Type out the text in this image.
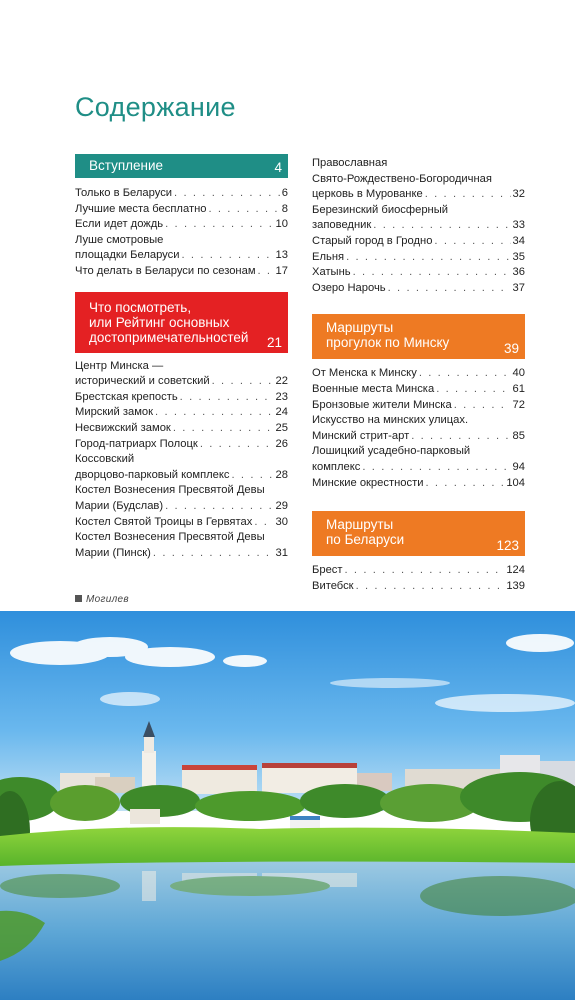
Содержание
Вступление	4
Только в Беларуси . . .	6
Лучшие места бесплатно . . .	8
Если идет дождь . . .	10
Луше смотровые
площадки Беларуси . . .	13
Что делать в Беларуси по сезонам . . . 17
Что посмотреть,
или Рейтинг основных
достопримечательностей	21
Центр Минска —
исторический и советский . . .	22
Брестская крепость . . .	23
Мирский замок . . .	24
Несвижский замок . . .	25
Город-патриарх Полоцк . . .	26
Коссовский
дворцово-парковый комплекс . . .	28
Костел Вознесения Пресвятой Девы
Марии (Будслав) . . .	29
Костел Святой Троицы в Гервятах . . . 30
Костел Вознесения Пресвятой Девы
Марии (Пинск) . . .	31
Православная
Свято-Рождествено-Богородичная
церковь в Мурованке . . .	32
Березинский биосферный
заповедник . . .	33
Старый город в Гродно . . .	34
Ельня . . .	35
Хатынь . . .	36
Озеро Нарочь . . .	37
Маршруты
прогулок по Минску	39
От Менска к Минску . . .	40
Военные места Минска . . .	61
Бронзовые жители Минска . . .	72
Искусство на минских улицах.
Минский стрит-арт . . .	85
Лошицкий усадебно-парковый
комплекс . . .	94
Минские окрестности . . .	104
Маршруты
по Беларуси	123
Брест . . .	124
Витебск . . .	139
Могилев
